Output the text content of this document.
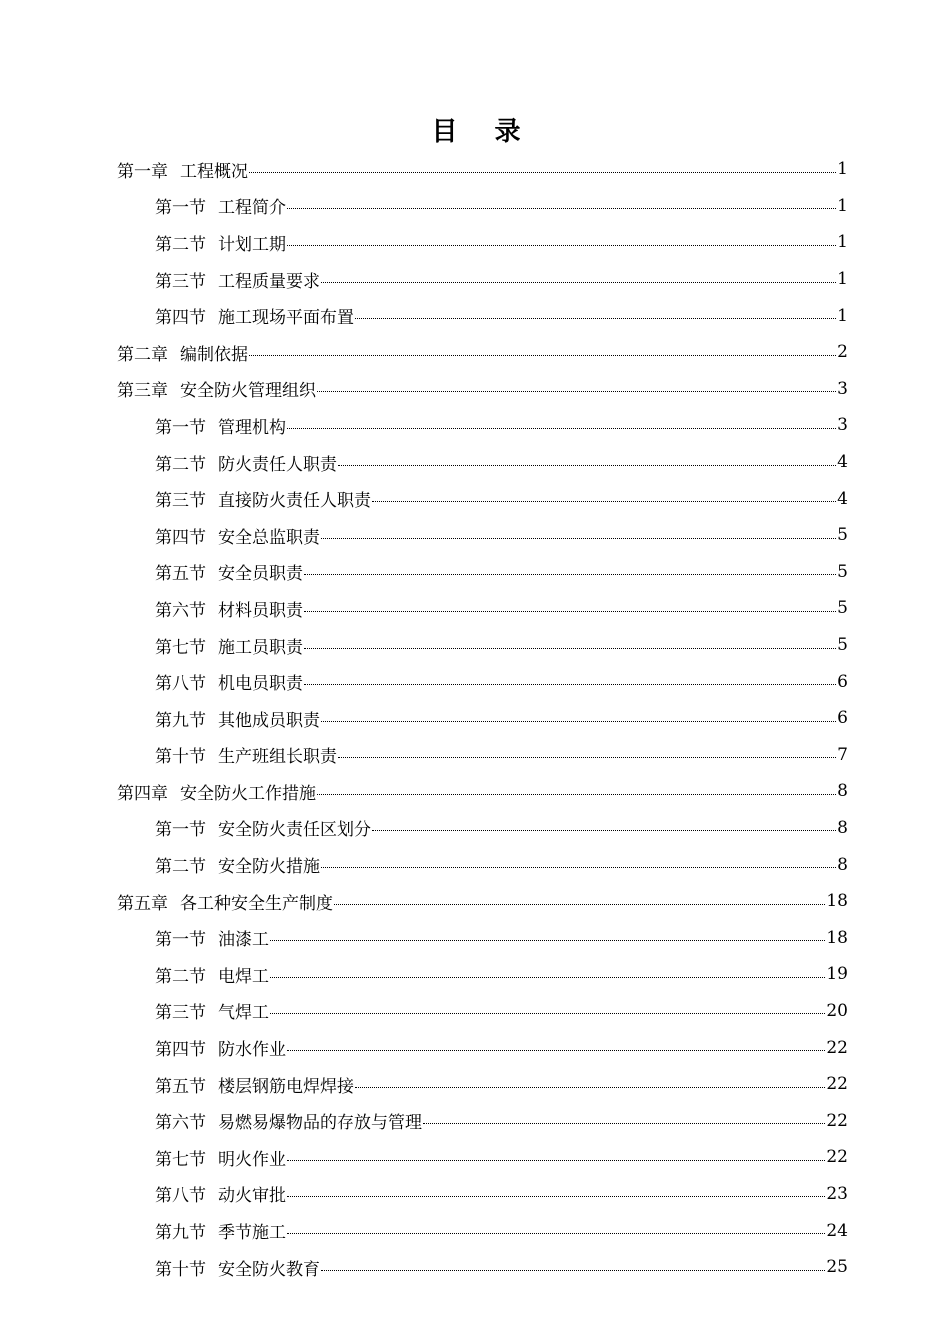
目 录
第一章 工程概况	1
第一节 工程简介	1
第二节 计划工期	1
第三节 工程质量要求	1
第四节 施工现场平面布置	1
第二章 编制依据	2
第三章 安全防火管理组织	3
第一节 管理机构	3
第二节 防火责任人职责	4
第三节 直接防火责任人职责	4
第四节 安全总监职责	5
第五节 安全员职责	5
第六节 材料员职责	5
第七节 施工员职责	5
第八节 机电员职责	6
第九节 其他成员职责	6
第十节 生产班组长职责	7
第四章 安全防火工作措施	8
第一节 安全防火责任区划分	8
第二节 安全防火措施	8
第五章 各工种安全生产制度	18
第一节 油漆工	18
第二节 电焊工	19
第三节 气焊工	20
第四节 防水作业	22
第五节 楼层钢筋电焊焊接	22
第六节 易燃易爆物品的存放与管理	22
第七节 明火作业	22
第八节 动火审批	23
第九节 季节施工	24
第十节 安全防火教育	25
